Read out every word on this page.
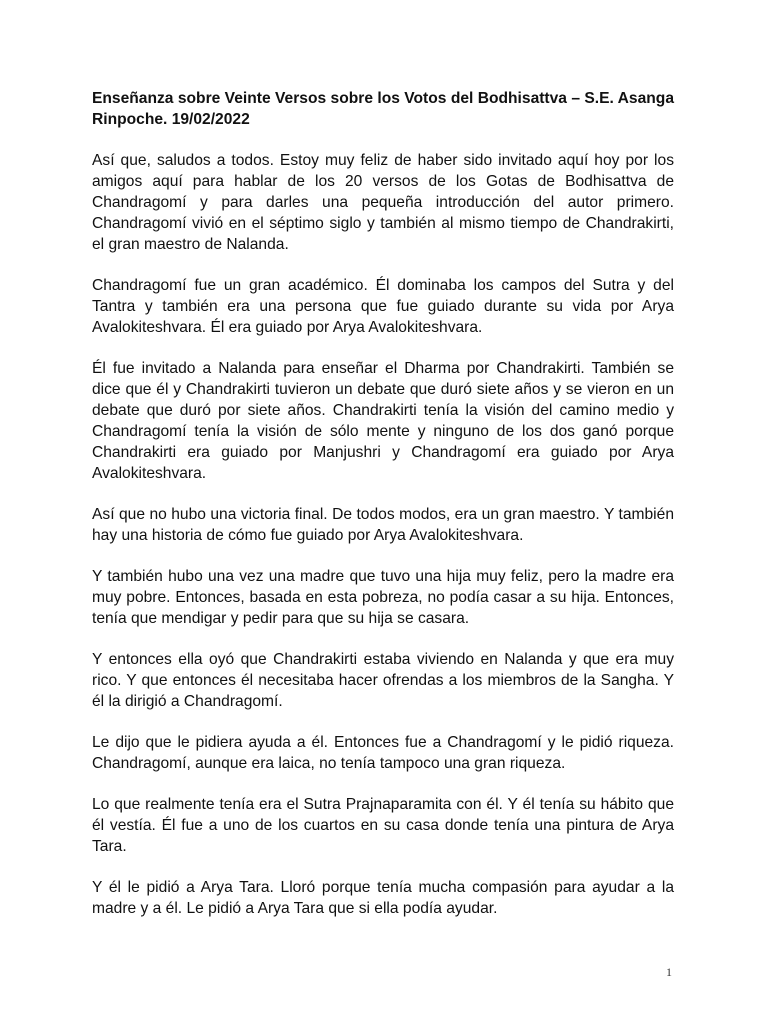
Enseñanza sobre Veinte Versos sobre los Votos del Bodhisattva – S.E. Asanga Rinpoche. 19/02/2022

Así que, saludos a todos. Estoy muy feliz de haber sido invitado aquí hoy por los amigos aquí para hablar de los 20 versos de los Gotas de Bodhisattva de Chandragomí y para darles una pequeña introducción del autor primero. Chandragomí vivió en el séptimo siglo y también al mismo tiempo de Chandrakirti, el gran maestro de Nalanda.

Chandragomí fue un gran académico. Él dominaba los campos del Sutra y del Tantra y también era una persona que fue guiado durante su vida por Arya Avalokiteshvara. Él era guiado por Arya Avalokiteshvara.

Él fue invitado a Nalanda para enseñar el Dharma por Chandrakirti. También se dice que él y Chandrakirti tuvieron un debate que duró siete años y se vieron en un debate que duró por siete años. Chandrakirti tenía la visión del camino medio y Chandragomí tenía la visión de sólo mente y ninguno de los dos ganó porque Chandrakirti era guiado por Manjushri y Chandragomí era guiado por Arya Avalokiteshvara.

Así que no hubo una victoria final. De todos modos, era un gran maestro. Y también hay una historia de cómo fue guiado por Arya Avalokiteshvara.

Y también hubo una vez una madre que tuvo una hija muy feliz, pero la madre era muy pobre. Entonces, basada en esta pobreza, no podía casar a su hija. Entonces, tenía que mendigar y pedir para que su hija se casara.

Y entonces ella oyó que Chandrakirti estaba viviendo en Nalanda y que era muy rico. Y que entonces él necesitaba hacer ofrendas a los miembros de la Sangha. Y él la dirigió a Chandragomí.

Le dijo que le pidiera ayuda a él. Entonces fue a Chandragomí y le pidió riqueza. Chandragomí, aunque era laica, no tenía tampoco una gran riqueza.

Lo que realmente tenía era el Sutra Prajnaparamita con él. Y él tenía su hábito que él vestía. Él fue a uno de los cuartos en su casa donde tenía una pintura de Arya Tara.

Y él le pidió a Arya Tara. Lloró porque tenía mucha compasión para ayudar a la madre y a él. Le pidió a Arya Tara que si ella podía ayudar.

1
